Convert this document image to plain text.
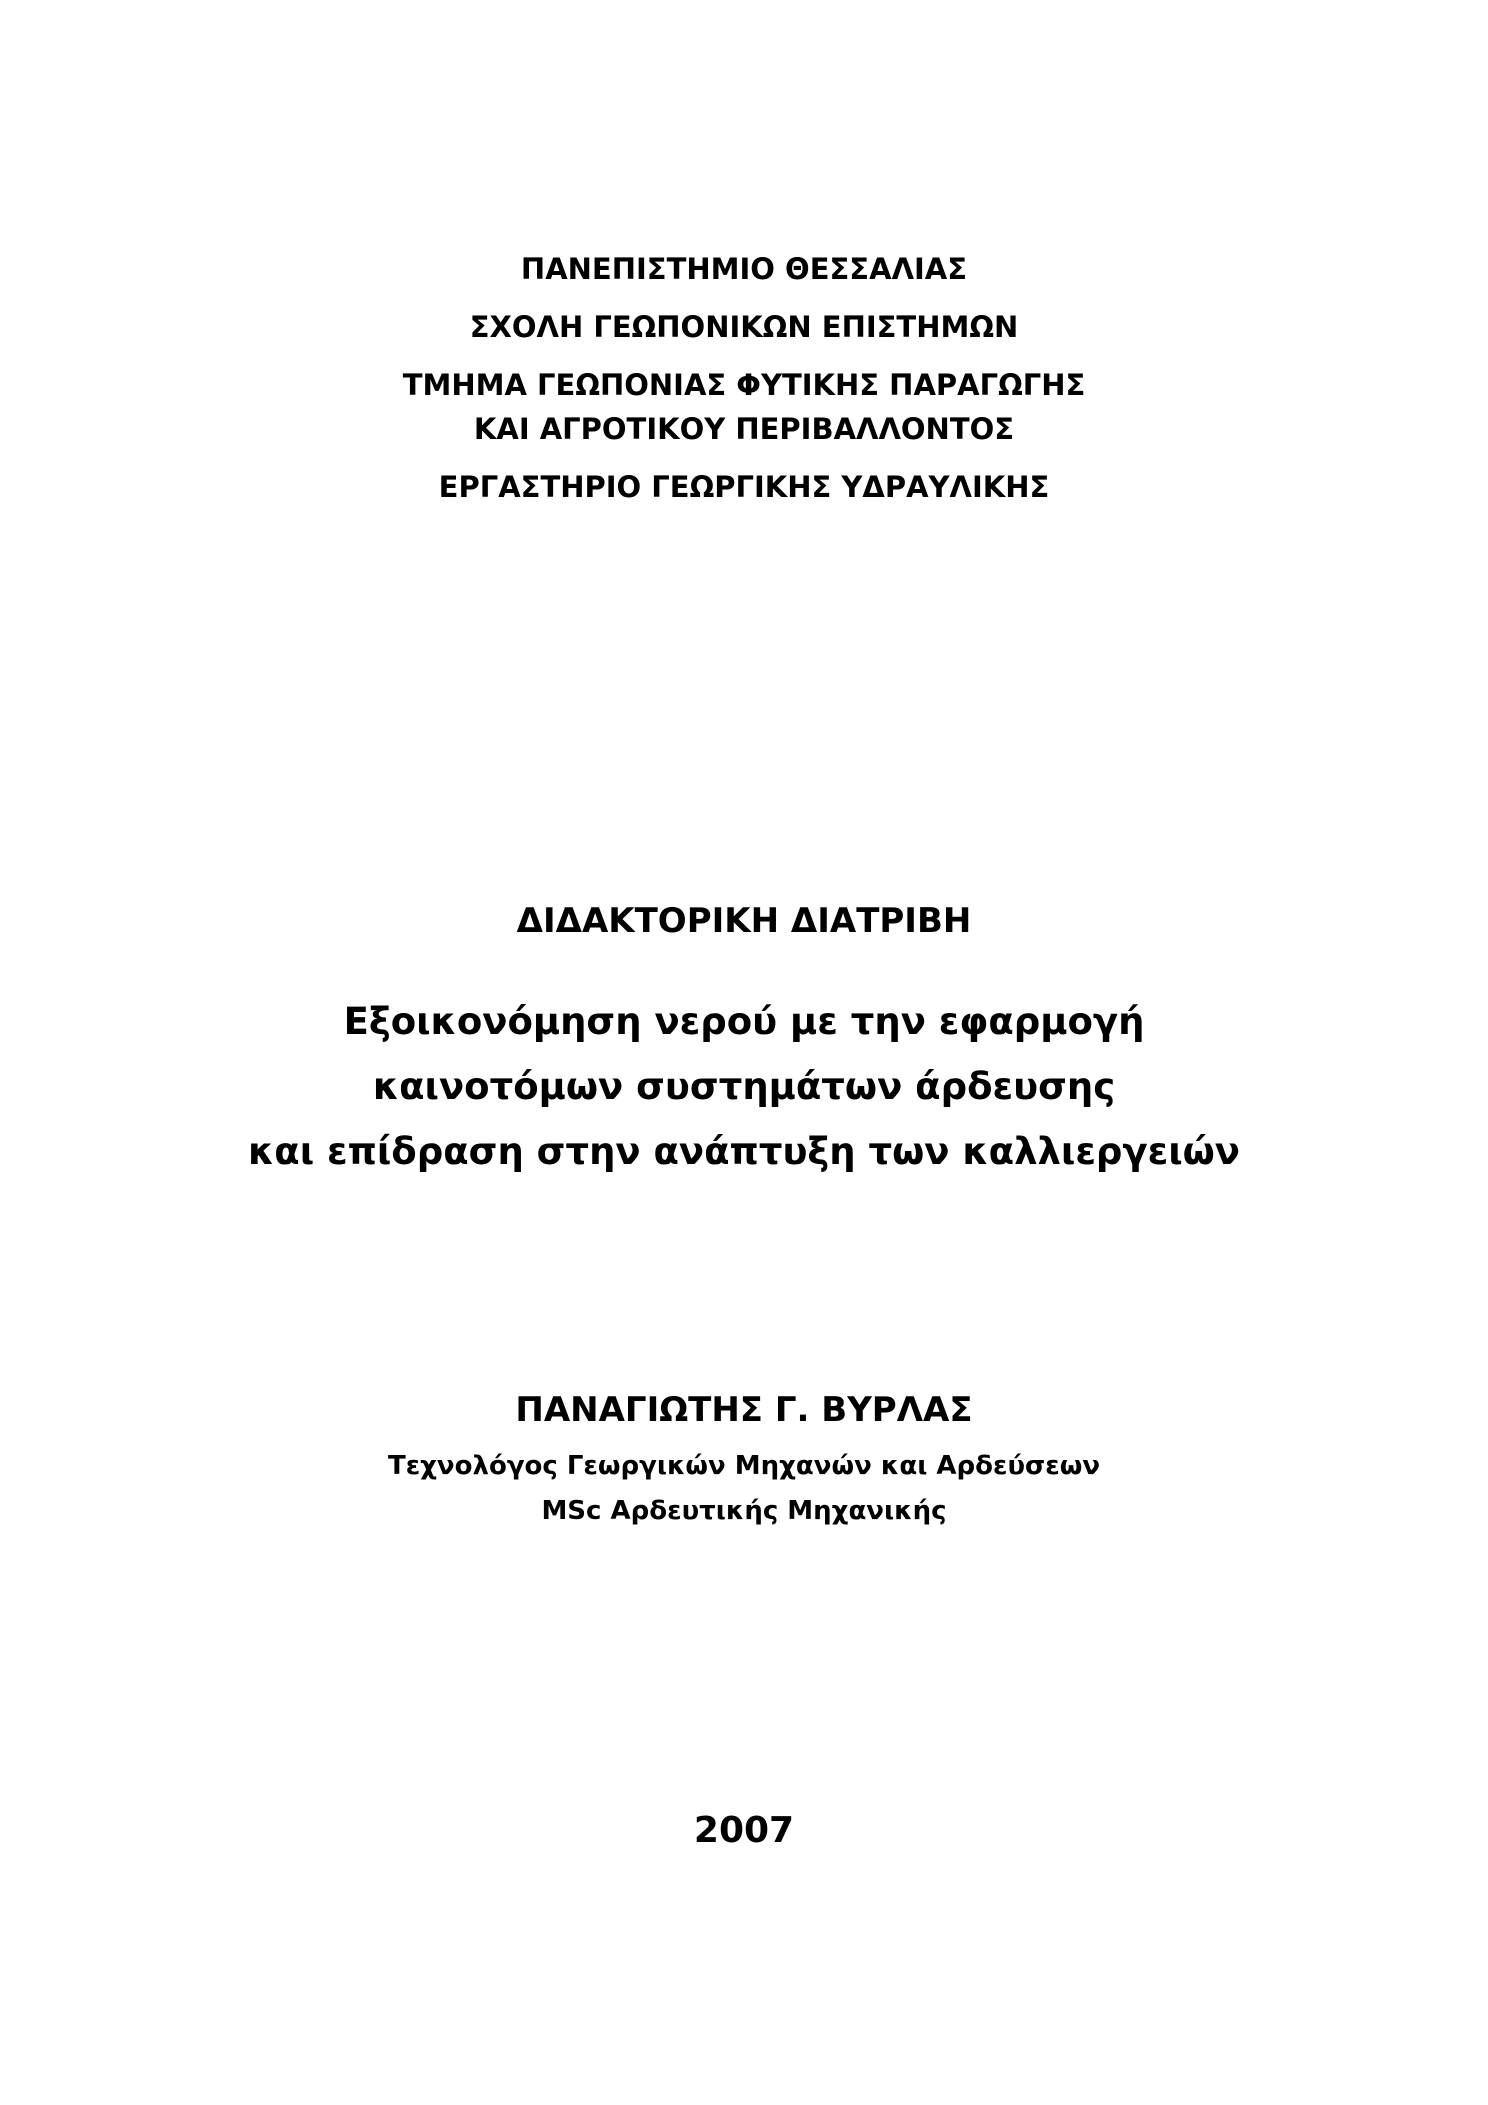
ΠΑΝΕΠΙΣΤΗΜΙΟ ΘΕΣΣΑΛΙΑΣ
ΣΧΟΛΗ ΓΕΩΠΟΝΙΚΩΝ ΕΠΙΣΤΗΜΩΝ
ΤΜΗΜΑ ΓΕΩΠΟΝΙΑΣ ΦΥΤΙΚΗΣ ΠΑΡΑΓΩΓΗΣ
ΚΑΙ ΑΓΡΟΤΙΚΟΥ ΠΕΡΙΒΑΛΛΟΝΤΟΣ
ΕΡΓΑΣΤΗΡΙΟ ΓΕΩΡΓΙΚΗΣ ΥΔΡΑΥΛΙΚΗΣ
ΔΙΔΑΚΤΟΡΙΚΗ ΔΙΑΤΡΙΒΗ
Εξοικονόμηση νερού με την εφαρμογή
καινοτόμων συστημάτων άρδευσης
και επίδραση στην ανάπτυξη των καλλιεργειών
ΠΑΝΑΓΙΩΤΗΣ Γ. ΒΥΡΛΑΣ
Τεχνολόγος Γεωργικών Μηχανών και Αρδεύσεων
MSc Αρδευτικής Μηχανικής
2007
